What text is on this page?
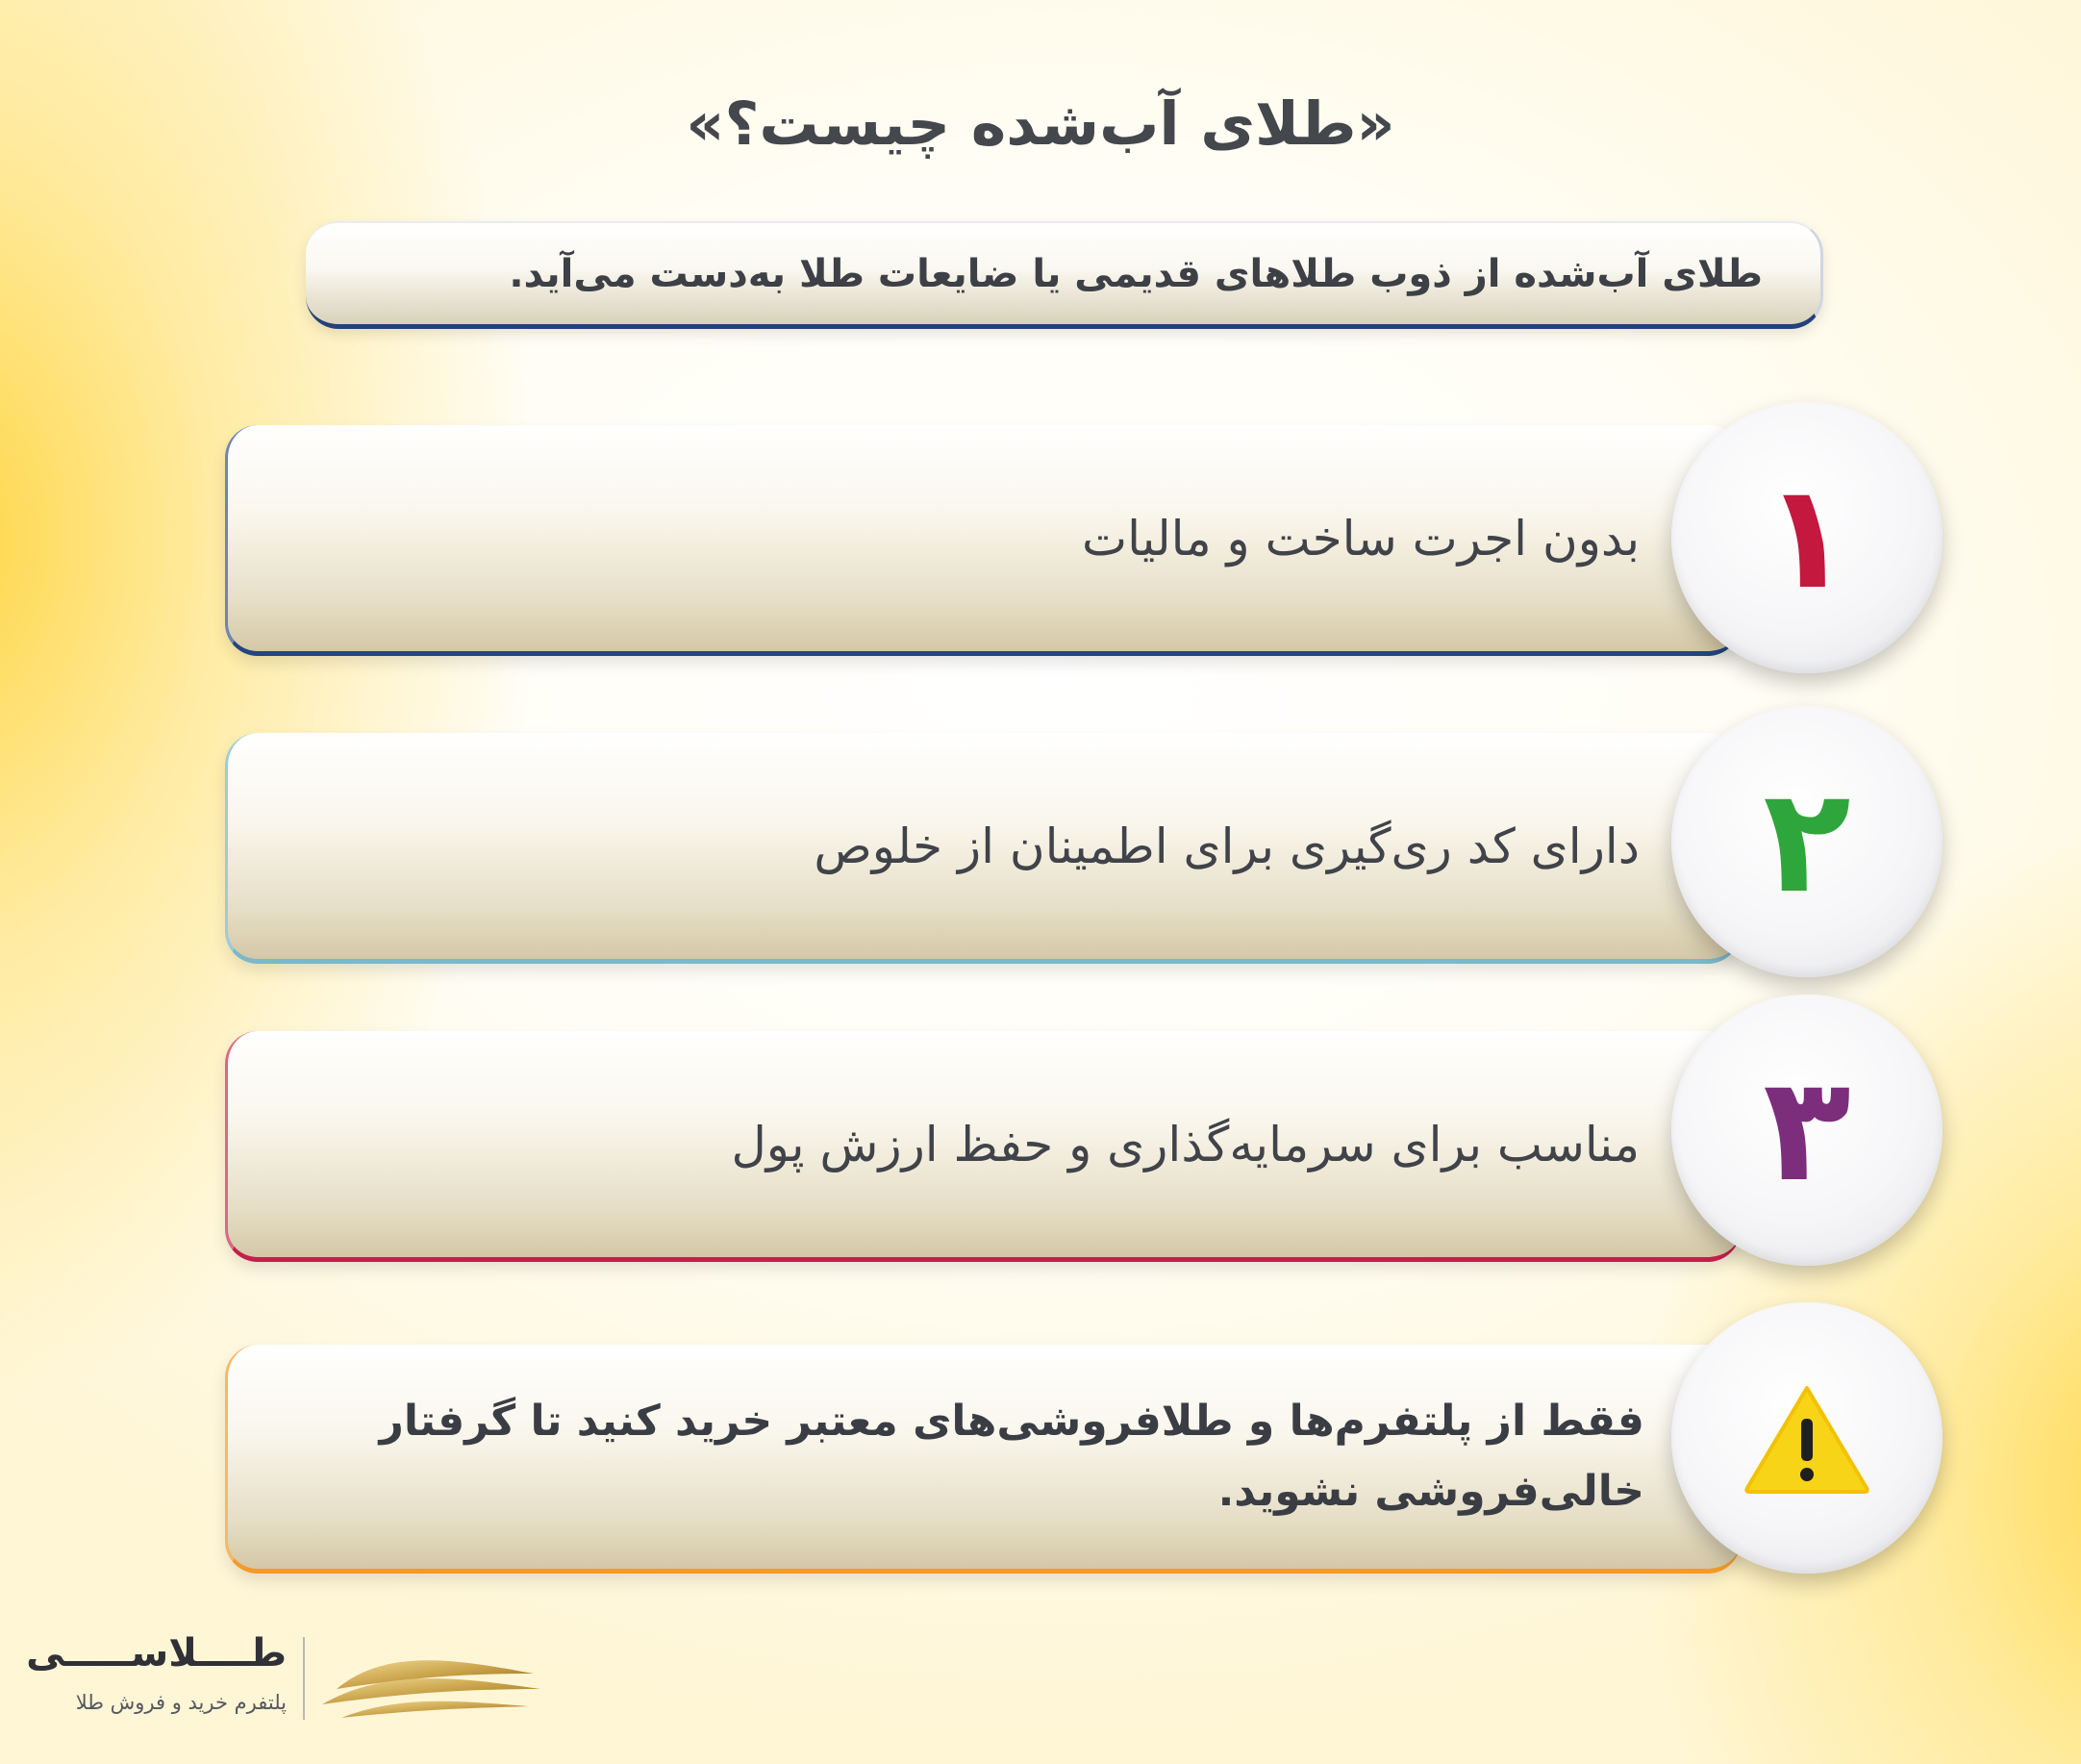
«طلای آب‌شده چیست؟»
طلای آب‌شده از ذوب طلاهای قدیمی یا ضایعات طلا به‌دست می‌آید.
بدون اجرت ساخت و مالیات ۱
دارای کد ری‌گیری برای اطمینان از خلوص ۲
مناسب برای سرمایه‌گذاری و حفظ ارزش پول ۳
فقط از پلتفرم‌ها و طلافروشی‌های معتبر خرید کنید تا گرفتار خالی‌فروشی نشوید.
طــــلاســـــی
پلتفرم خرید و فروش طلا
